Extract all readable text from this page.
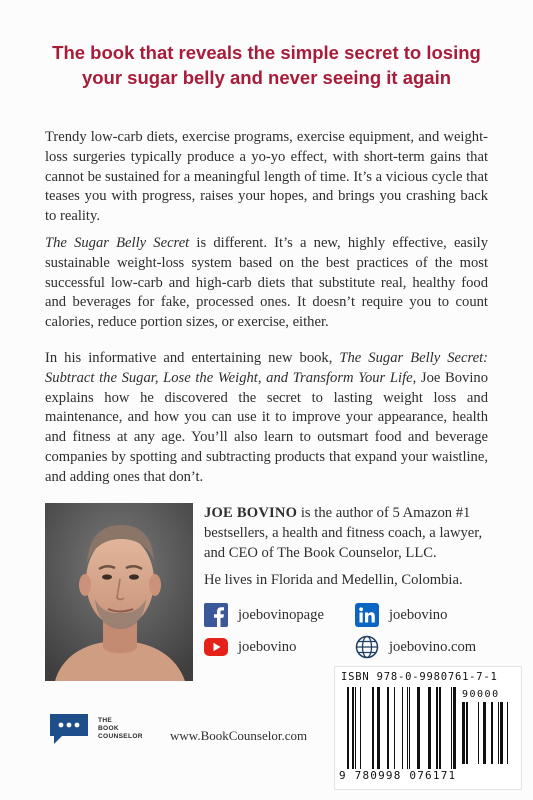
The book that reveals the simple secret to losing
your sugar belly and never seeing it again

Trendy low-carb diets, exercise programs, exercise equipment, and weight-loss surgeries typically produce a yo-yo effect, with short-term gains that cannot be sustained for a meaningful length of time. It’s a vicious cycle that teases you with progress, raises your hopes, and brings you crashing back to reality.

The Sugar Belly Secret is different. It’s a new, highly effective, easily sustainable weight-loss system based on the best practices of the most successful low-carb and high-carb diets that substitute real, healthy food and beverages for fake, processed ones. It doesn’t require you to count calories, reduce portion sizes, or exercise, either.

In his informative and entertaining new book, The Sugar Belly Secret: Subtract the Sugar, Lose the Weight, and Transform Your Life, Joe Bovino explains how he discovered the secret to lasting weight loss and maintenance, and how you can use it to improve your appearance, health and fitness at any age. You’ll also learn to outsmart food and beverage companies by spotting and subtracting products that expand your waistline, and adding ones that don’t.

JOE BOVINO is the author of 5 Amazon #1 bestsellers, a health and fitness coach, a lawyer, and CEO of The Book Counselor, LLC.

He lives in Florida and Medellin, Colombia.

joebovinopage
joebovino
joebovino
joebovino.com
THE
BOOK
COUNSELOR	www.BookCounselor.com
ISBN 978-0-9980761-7-1
90000
9 780998 076171
